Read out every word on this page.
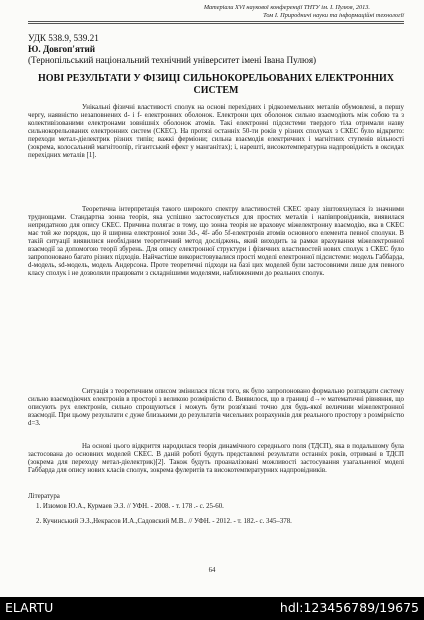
Матеріали XVІ наукової конференції ТНТУ ім. І. Пулюя, 2013.
Том І. Природничі науки та інформаційні технології
УДК 538.9, 539.21
Ю. Довгоп'ятий
(Тернопільський національний технічний університет імені Івана Пулюя)
НОВІ РЕЗУЛЬТАТИ У ФІЗИЦІ СИЛЬНОКОРЕЛЬОВАНИХ ЕЛЕКТРОННИХ СИСТЕМ

Унікальні фізичні властивості сполук на основі перехідних і рідкоземельних металів обумовлені, в першу чергу, наявністю незаповнених d- і f- електронних оболонок. Електрони цих оболонок сильно взаємодіють між собою та з колективізованими електронами зовнішніх оболонок атомів. Такі електронні підсистеми твердого тіла отримали назву сильнокорельованих електронних систем (СКЕС). На протязі останніх 50-ти років у різних сполуках з СКЕС було відкрито: переходи метал-діелектрик різних типів; важкі ферміони; сильна взаємодія електричних і магнітних ступенів вільності (зокрема, колосальний магнітоопір, гігантський ефект у манганітах); і, нарешті, високотемпературна надпровідність в оксидах перехідних металів [1].

Теоретична інтерпретація такого широкого спектру властивостей СКЕС зразу зіштовхнулася із значними труднощами. Стандартна зонна теорія, яка успішно застосовується для простих металів і напівпровідників, виявилася непридатною для опису СКЕС. Причина полягає в тому, що зонна теорія не враховує міжелектронну взаємодію, яка в СКЕС має той же порядок, що й ширина електронної зони 3d-, 4f- або 5f-електронів атомів основного елемента певної сполуки. В такій ситуації виявилися необхідним теоретичний метод досліджень, який виходить за рамки врахування міжелектронної взаємодії за допомогою теорії збурень. Для опису електронної структури і фізичних властивостей нових сполук з СКЕС було запропоновано багато різних підходів. Найчастіше використовувалися прості моделі електронної підсистеми: модель Габбарда, d-модель, sd-модель, модель Андерсона. Проте теоретичні підходи на базі цих моделей були застосовними лише для певного класу сполук і не дозволяли працювати з складнішими моделями, наближеними до реальних сполук.

Ситуація з теоретичним описом змінилася після того, як було запропоновано формально розглядати систему сильно взаємодіючих електронів в просторі з великою розмірністю d. Виявилося, що в границі d→∞ математичні рівняння, що описують рух електронів, сильно спрощуються і можуть бути розв'язані точно для будь-якої величини міжелектронної взаємодії. При цьому результати є дуже близькими до результатів чисельних розрахунків для реального простору з розмірністю d=3.

На основі цього відкриття народилася теорія динамічного середнього поля (ТДСП), яка в подальшому була застосована до основних моделей СКЕС. В даній роботі будуть представлені результати останніх років, отримані в ТДСП (зокрема для переходу метал-діелектрик)[2]. Також будуть проаналізовані можливості застосування узагальненої моделі Габбарда для опису нових класів сполук, зокрема фулеритів та високотемпературних надпровідників.

Література
1. Изюмов Ю.А., Курмаев Э.З. // УФН. - 2008. - т. 178 .- с. 25-60.
2. Кучинський Э.З.,Некрасов И.А.,Садовский М.В.. // УФН. - 2012. - т. 182.- с. 345–378.
64
ELARTU	hdl:123456789/19675
